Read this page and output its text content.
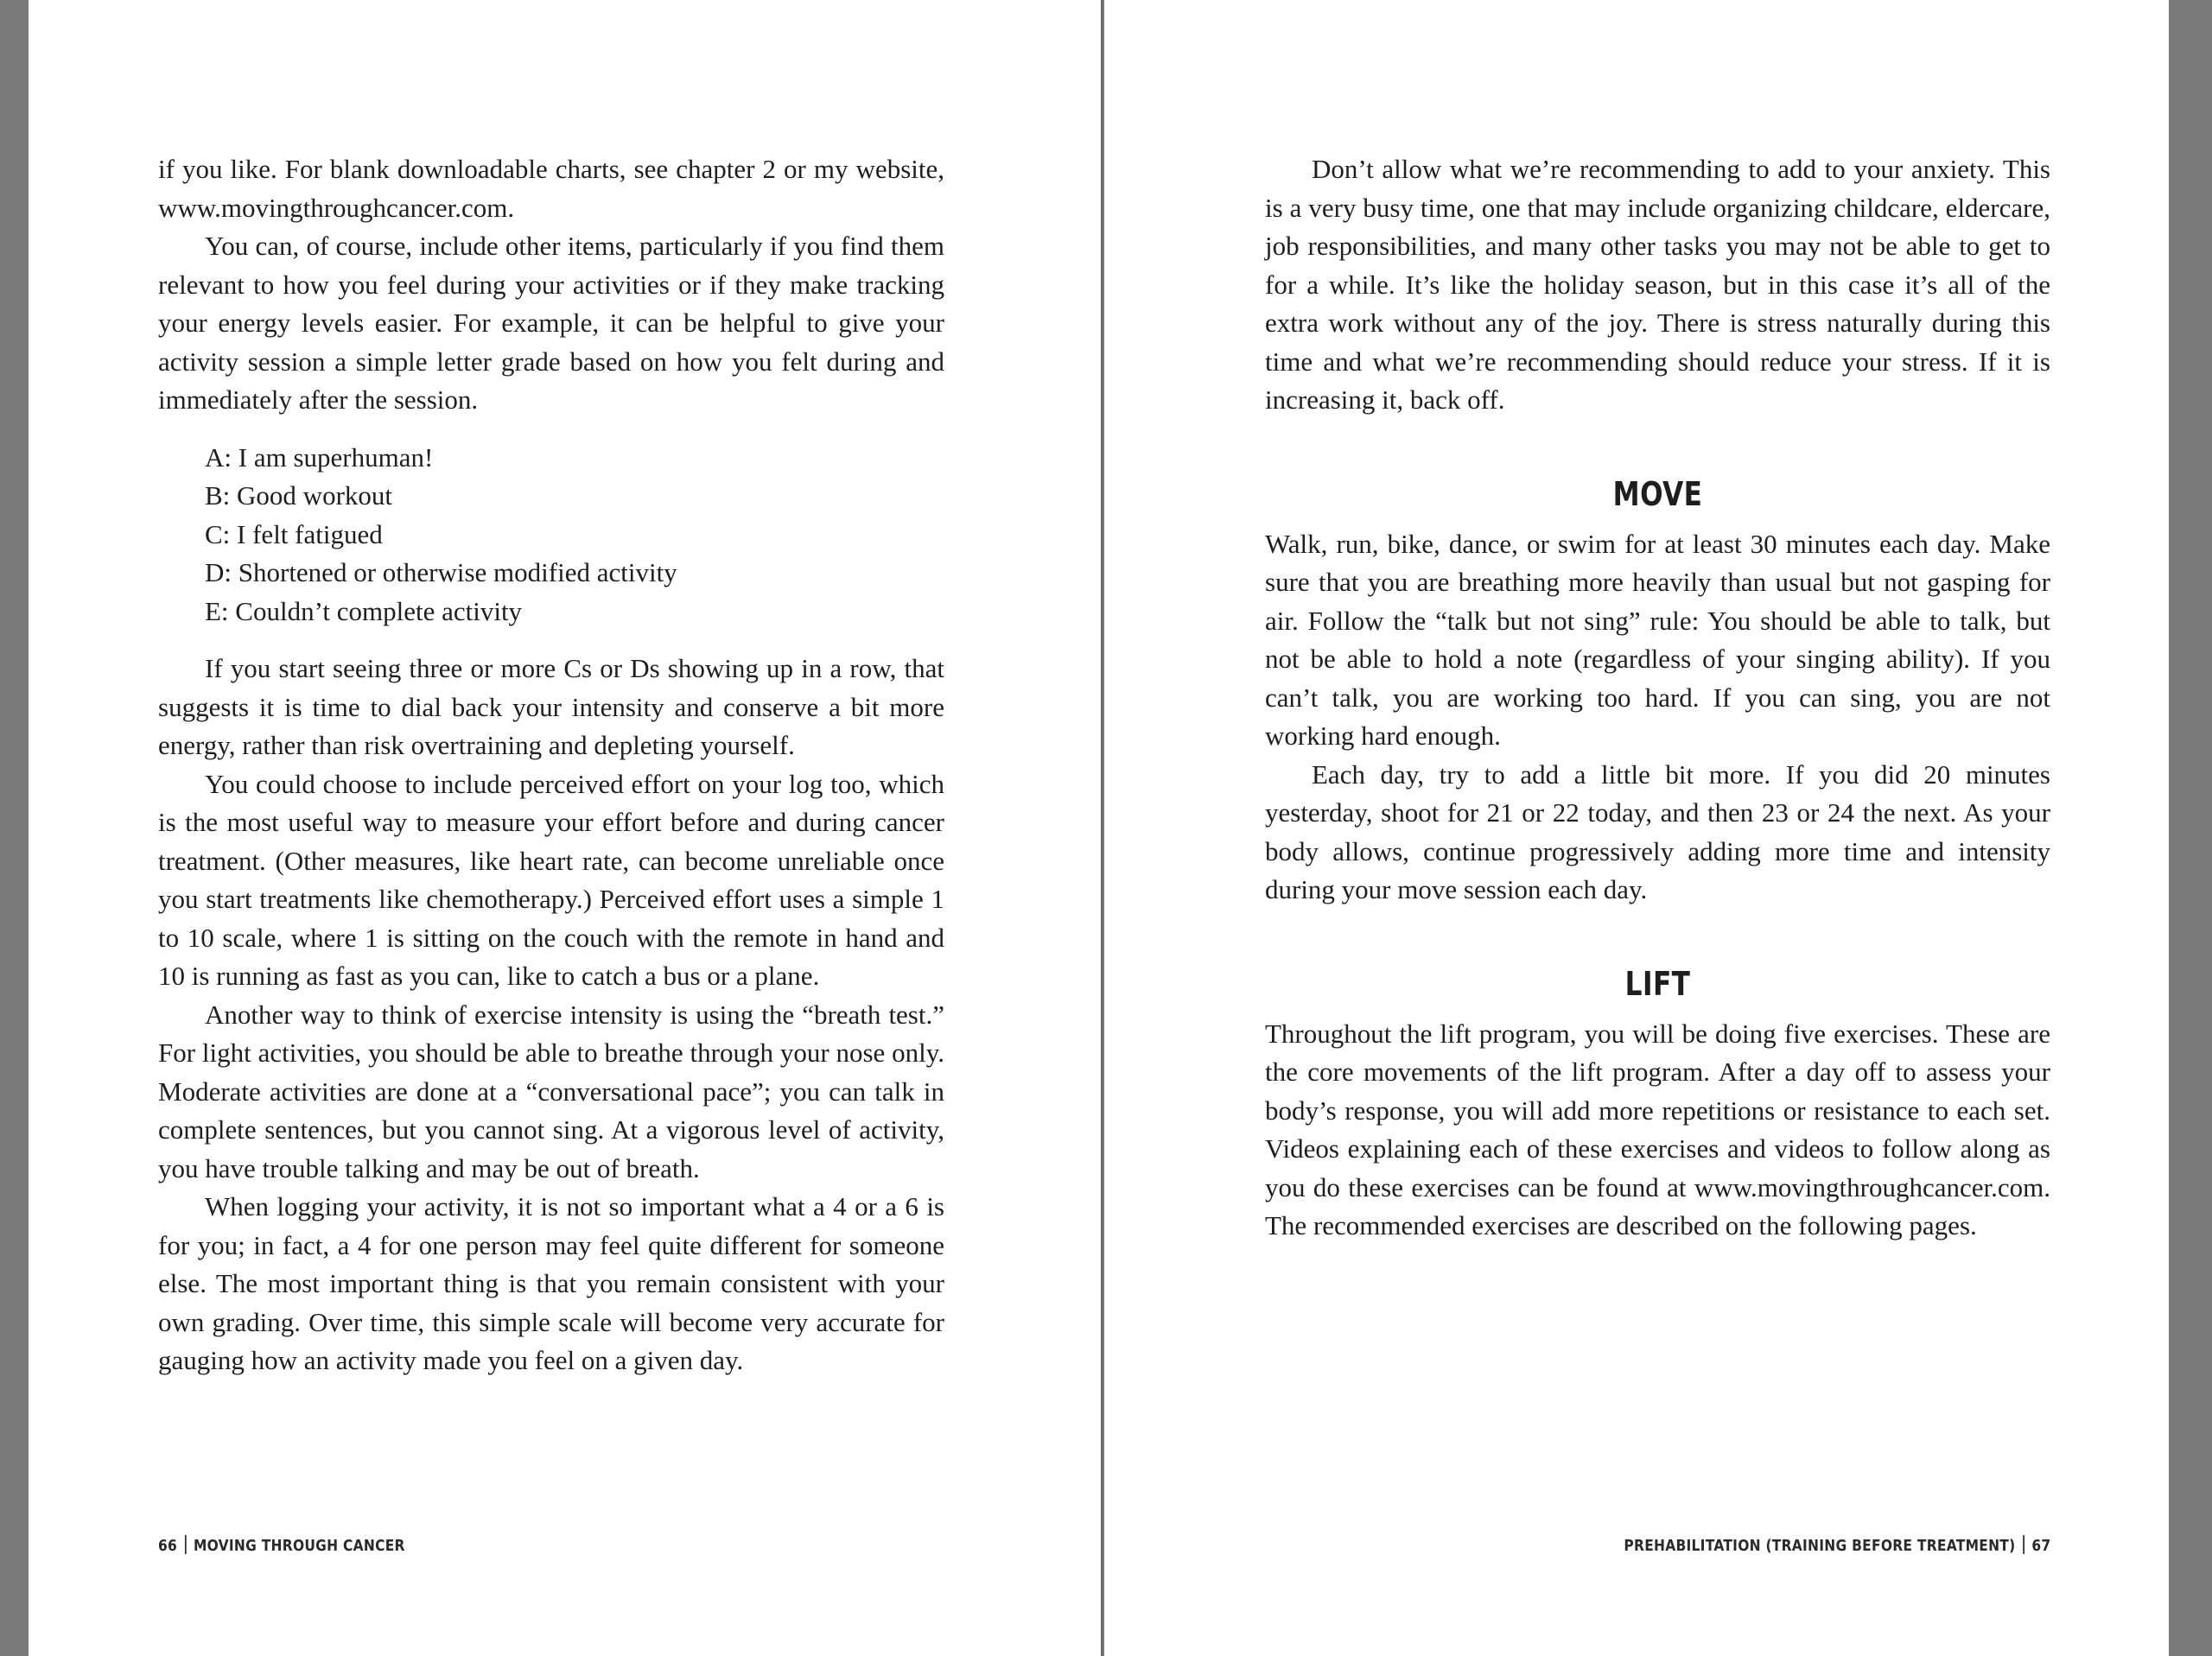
if you like. For blank downloadable charts, see chapter 2 or my website, www.movingthroughcancer.com.

You can, of course, include other items, particularly if you find them relevant to how you feel during your activities or if they make tracking your energy levels easier. For example, it can be helpful to give your activity session a simple letter grade based on how you felt during and immediately after the session.

A: I am superhuman!
B: Good workout
C: I felt fatigued
D: Shortened or otherwise modified activity
E: Couldn’t complete activity

If you start seeing three or more Cs or Ds showing up in a row, that suggests it is time to dial back your intensity and conserve a bit more energy, rather than risk overtraining and depleting yourself.

You could choose to include perceived effort on your log too, which is the most useful way to measure your effort before and during cancer treatment. (Other measures, like heart rate, can become unreliable once you start treatments like chemotherapy.) Perceived effort uses a simple 1 to 10 scale, where 1 is sitting on the couch with the remote in hand and 10 is running as fast as you can, like to catch a bus or a plane.

Another way to think of exercise intensity is using the “breath test.” For light activities, you should be able to breathe through your nose only. Moderate activities are done at a “conversational pace”; you can talk in complete sentences, but you cannot sing. At a vigorous level of activity, you have trouble talking and may be out of breath.

When logging your activity, it is not so important what a 4 or a 6 is for you; in fact, a 4 for one person may feel quite different for someone else. The most important thing is that you remain consistent with your own grading. Over time, this simple scale will become very accurate for gauging how an activity made you feel on a given day.

66 MOVING THROUGH CANCER

Don’t allow what we’re recommending to add to your anxiety. This is a very busy time, one that may include organizing childcare, eldercare, job responsibilities, and many other tasks you may not be able to get to for a while. It’s like the holiday season, but in this case it’s all of the extra work without any of the joy. There is stress naturally during this time and what we’re recommending should reduce your stress. If it is increasing it, back off.

MOVE

Walk, run, bike, dance, or swim for at least 30 minutes each day. Make sure that you are breathing more heavily than usual but not gasping for air. Follow the “talk but not sing” rule: You should be able to talk, but not be able to hold a note (regardless of your singing ability). If you can’t talk, you are working too hard. If you can sing, you are not working hard enough.

Each day, try to add a little bit more. If you did 20 minutes yesterday, shoot for 21 or 22 today, and then 23 or 24 the next. As your body allows, continue progressively adding more time and intensity during your move session each day.

LIFT

Throughout the lift program, you will be doing five exercises. These are the core movements of the lift program. After a day off to assess your body’s response, you will add more repetitions or resistance to each set. Videos explaining each of these exercises and videos to follow along as you do these exercises can be found at www.movingthroughcancer.com. The recommended exercises are described on the following pages.

PREHABILITATION (TRAINING BEFORE TREATMENT) 67
